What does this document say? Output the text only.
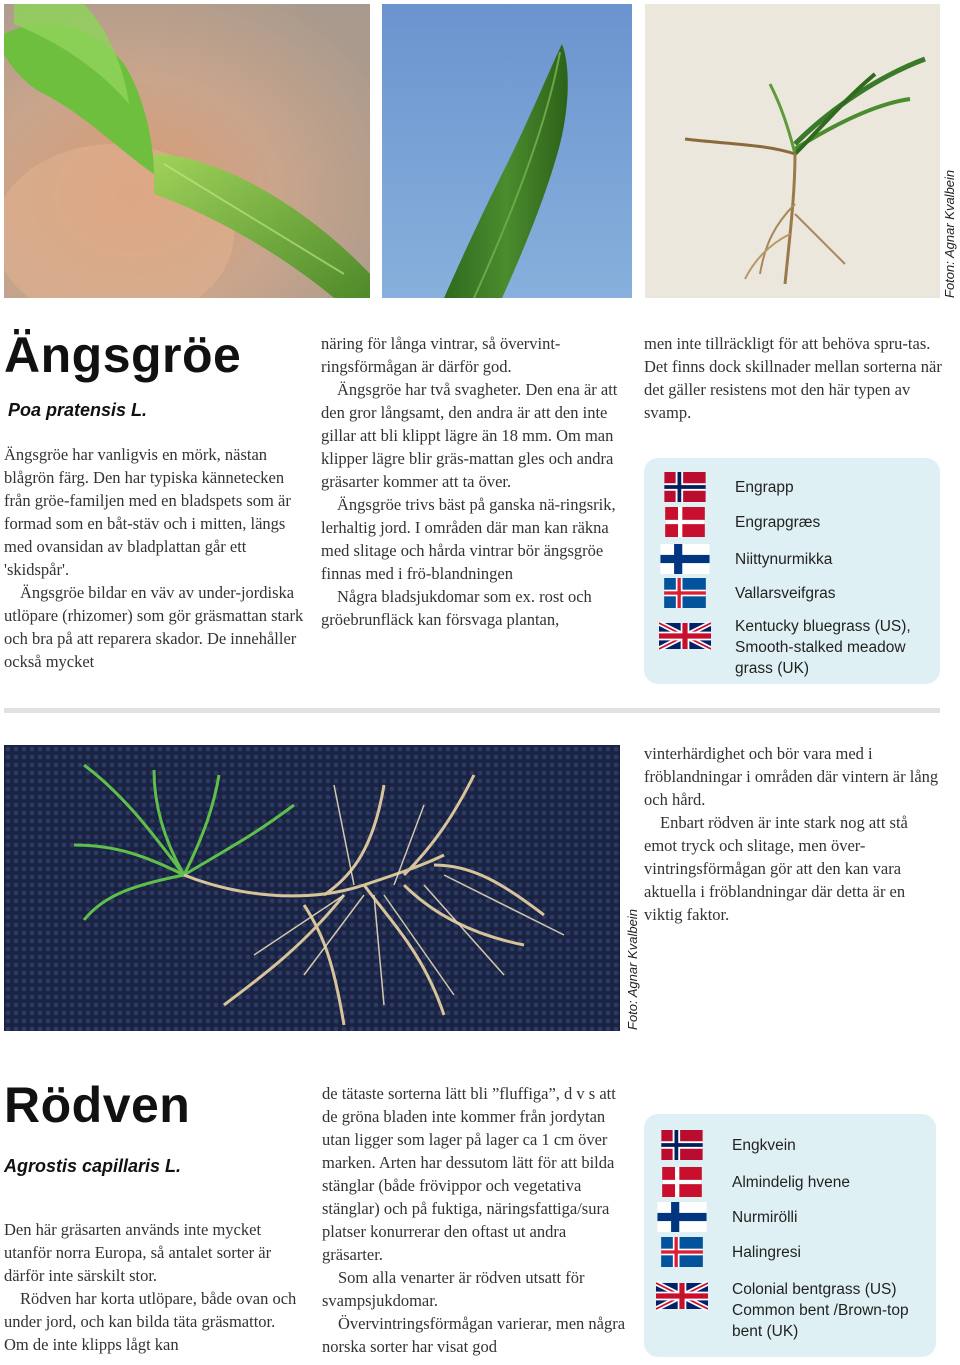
Foton: Agnar Kvalbein
Ängsgröe
Poa pratensis L.

Ängsgröe har vanligvis en mörk, nästan blågrön färg. Den har typiska kännetecken från gröe-familjen med en bladspets som är formad som en båt-stäv och i mitten, längs med ovansidan av bladplattan går ett 'skidspår'.

Ängsgröe bildar en väv av under-jordiska utlöpare (rhizomer) som gör gräsmattan stark och bra på att reparera skador. De innehåller också mycket

näring för långa vintrar, så övervint-ringsförmågan är därför god.

Ängsgröe har två svagheter. Den ena är att den gror långsamt, den andra är att den inte gillar att bli klippt lägre än 18 mm. Om man klipper lägre blir gräs-mattan gles och andra gräsarter kommer att ta över.

Ängsgröe trivs bäst på ganska nä-ringsrik, lerhaltig jord. I områden där man kan räkna med slitage och hårda vintrar bör ängsgröe finnas med i frö-blandningen

Några bladsjukdomar som ex. rost och gröebrunfläck kan försvaga plantan,

men inte tillräckligt för att behöva spru-tas. Det finns dock skillnader mellan sorterna när det gäller resistens mot den här typen av svamp.

Engrapp
Engrapgræs
Niittynurmikka
Vallarsveifgras
Kentucky bluegrass (US), Smooth-stalked meadow grass (UK)
Foto: Agnar Kvalbein

vinterhärdighet och bör vara med i fröblandningar i områden där vintern är lång och hård.

Enbart rödven är inte stark nog att stå emot tryck och slitage, men över-vintringsförmågan gör att den kan vara aktuella i fröblandningar där detta är en viktig faktor.

Rödven
Agrostis capillaris L.

Den här gräsarten används inte mycket utanför norra Europa, så antalet sorter är därför inte särskilt stor.

Rödven har korta utlöpare, både ovan och under jord, och kan bilda täta gräsmattor. Om de inte klipps lågt kan

de tätaste sorterna lätt bli ”fluffiga”, d v s att de gröna bladen inte kommer från jordytan utan ligger som lager på lager ca 1 cm över marken. Arten har dessutom lätt för att bilda stänglar (både frövippor och vegetativa stänglar) och på fuktiga, näringsfattiga/sura platser konurrerar den oftast ut andra gräsarter.

Som alla venarter är rödven utsatt för svampsjukdomar.

Övervintringsförmågan varierar, men några norska sorter har visat god

Engkvein
Almindelig hvene
Nurmirölli
Halingresi
Colonial bentgrass (US) Common bent /Brown-top bent (UK)
